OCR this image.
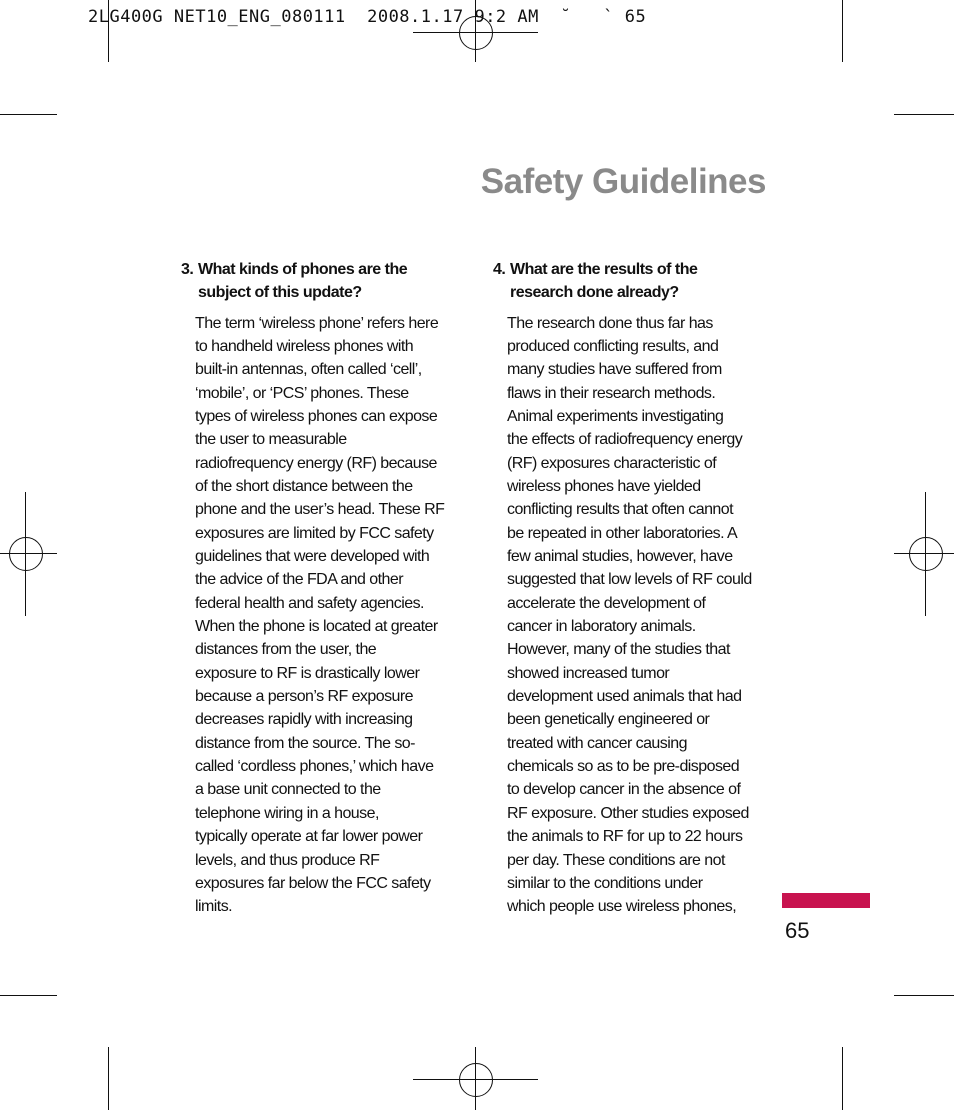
2LG400G NET10_ENG_080111  2008.1.17 9:2 AM  ˘   ` 65
Safety Guidelines
3. What kinds of phones are the
subject of this update?
The term ‘wireless phone’ refers here
to handheld wireless phones with
built-in antennas, often called ‘cell’,
‘mobile’, or ‘PCS’ phones. These
types of wireless phones can expose
the user to measurable
radiofrequency energy (RF) because
of the short distance between the
phone and the user’s head. These RF
exposures are limited by FCC safety
guidelines that were developed with
the advice of the FDA and other
federal health and safety agencies.
When the phone is located at greater
distances from the user, the
exposure to RF is drastically lower
because a person’s RF exposure
decreases rapidly with increasing
distance from the source. The so-
called ‘cordless phones,’ which have
a base unit connected to the
telephone wiring in a house,
typically operate at far lower power
levels, and thus produce RF
exposures far below the FCC safety
limits.
4. What are the results of the
research done already?
The research done thus far has
produced conflicting results, and
many studies have suffered from
flaws in their research methods.
Animal experiments investigating
the effects of radiofrequency energy
(RF) exposures characteristic of
wireless phones have yielded
conflicting results that often cannot
be repeated in other laboratories. A
few animal studies, however, have
suggested that low levels of RF could
accelerate the development of
cancer in laboratory animals.
However, many of the studies that
showed increased tumor
development used animals that had
been genetically engineered or
treated with cancer causing
chemicals so as to be pre-disposed
to develop cancer in the absence of
RF exposure. Other studies exposed
the animals to RF for up to 22 hours
per day. These conditions are not
similar to the conditions under
which people use wireless phones,
65
